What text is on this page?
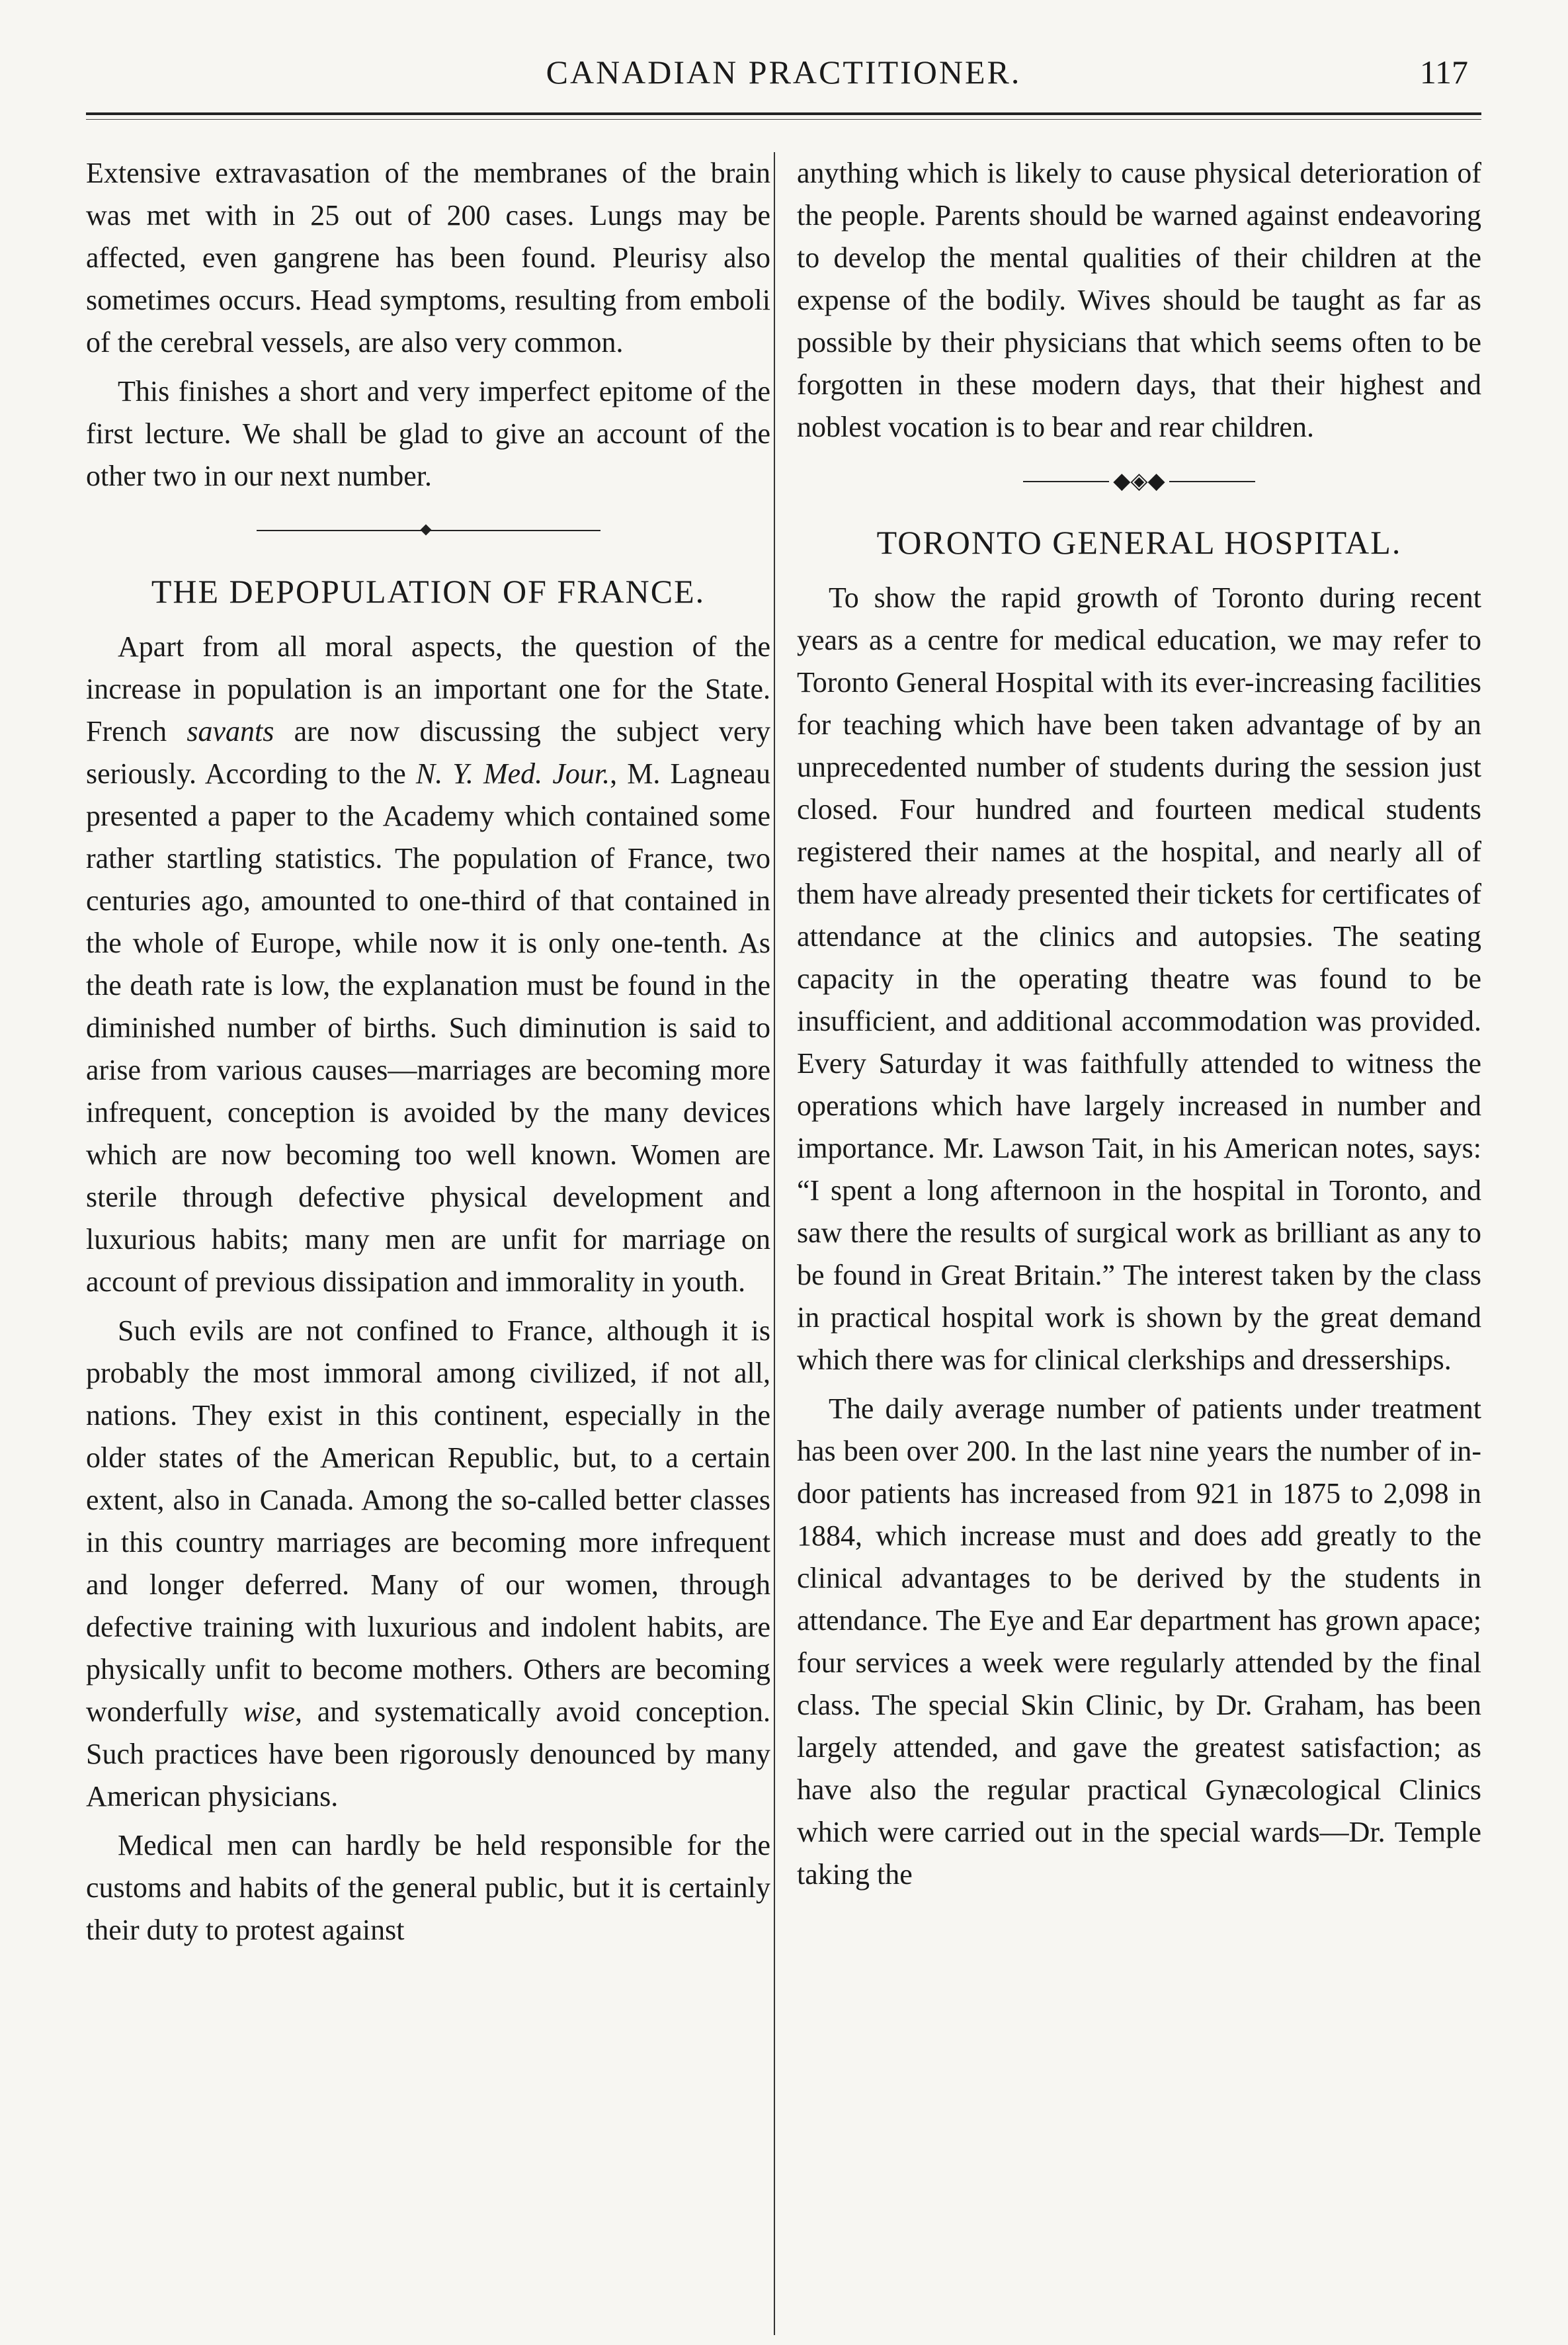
CANADIAN PRACTITIONER.	117

Extensive extravasation of the membranes of the brain was met with in 25 out of 200 cases. Lungs may be affected, even gangrene has been found. Pleurisy also sometimes occurs. Head symptoms, resulting from emboli of the cerebral vessels, are also very common.

This finishes a short and very imperfect epitome of the first lecture. We shall be glad to give an account of the other two in our next number.

THE DEPOPULATION OF FRANCE.

Apart from all moral aspects, the question of the increase in population is an important one for the State. French savants are now discussing the subject very seriously. According to the N. Y. Med. Jour., M. Lagneau presented a paper to the Academy which contained some rather startling statistics. The population of France, two centuries ago, amounted to one-third of that contained in the whole of Europe, while now it is only one-tenth. As the death rate is low, the explanation must be found in the diminished number of births. Such diminution is said to arise from various causes—marriages are becoming more infrequent, conception is avoided by the many devices which are now becoming too well known. Women are sterile through defective physical development and luxurious habits; many men are unfit for marriage on account of previous dissipation and immorality in youth.

Such evils are not confined to France, although it is probably the most immoral among civilized, if not all, nations. They exist in this continent, especially in the older states of the American Republic, but, to a certain extent, also in Canada. Among the so-called better classes in this country marriages are becoming more infrequent and longer deferred. Many of our women, through defective training with luxurious and indolent habits, are physically unfit to become mothers. Others are becoming wonderfully wise, and systematically avoid conception. Such practices have been rigorously denounced by many American physicians.

Medical men can hardly be held responsible for the customs and habits of the general public, but it is certainly their duty to protest against

anything which is likely to cause physical deterioration of the people. Parents should be warned against endeavoring to develop the mental qualities of their children at the expense of the bodily. Wives should be taught as far as possible by their physicians that which seems often to be forgotten in these modern days, that their highest and noblest vocation is to bear and rear children.

◆◈◆
TORONTO GENERAL HOSPITAL.

To show the rapid growth of Toronto during recent years as a centre for medical education, we may refer to Toronto General Hospital with its ever-increasing facilities for teaching which have been taken advantage of by an unprecedented number of students during the session just closed. Four hundred and fourteen medical students registered their names at the hospital, and nearly all of them have already presented their tickets for certificates of attendance at the clinics and autopsies. The seating capacity in the operating theatre was found to be insufficient, and additional accommodation was provided. Every Saturday it was faithfully attended to witness the operations which have largely increased in number and importance. Mr. Lawson Tait, in his American notes, says: “I spent a long afternoon in the hospital in Toronto, and saw there the results of surgical work as brilliant as any to be found in Great Britain.” The interest taken by the class in practical hospital work is shown by the great demand which there was for clinical clerkships and dresserships.

The daily average number of patients under treatment has been over 200. In the last nine years the number of in-door patients has increased from 921 in 1875 to 2,098 in 1884, which increase must and does add greatly to the clinical advantages to be derived by the students in attendance. The Eye and Ear department has grown apace; four services a week were regularly attended by the final class. The special Skin Clinic, by Dr. Graham, has been largely attended, and gave the greatest satisfaction; as have also the regular practical Gynæcological Clinics which were carried out in the special wards—Dr. Temple taking the
